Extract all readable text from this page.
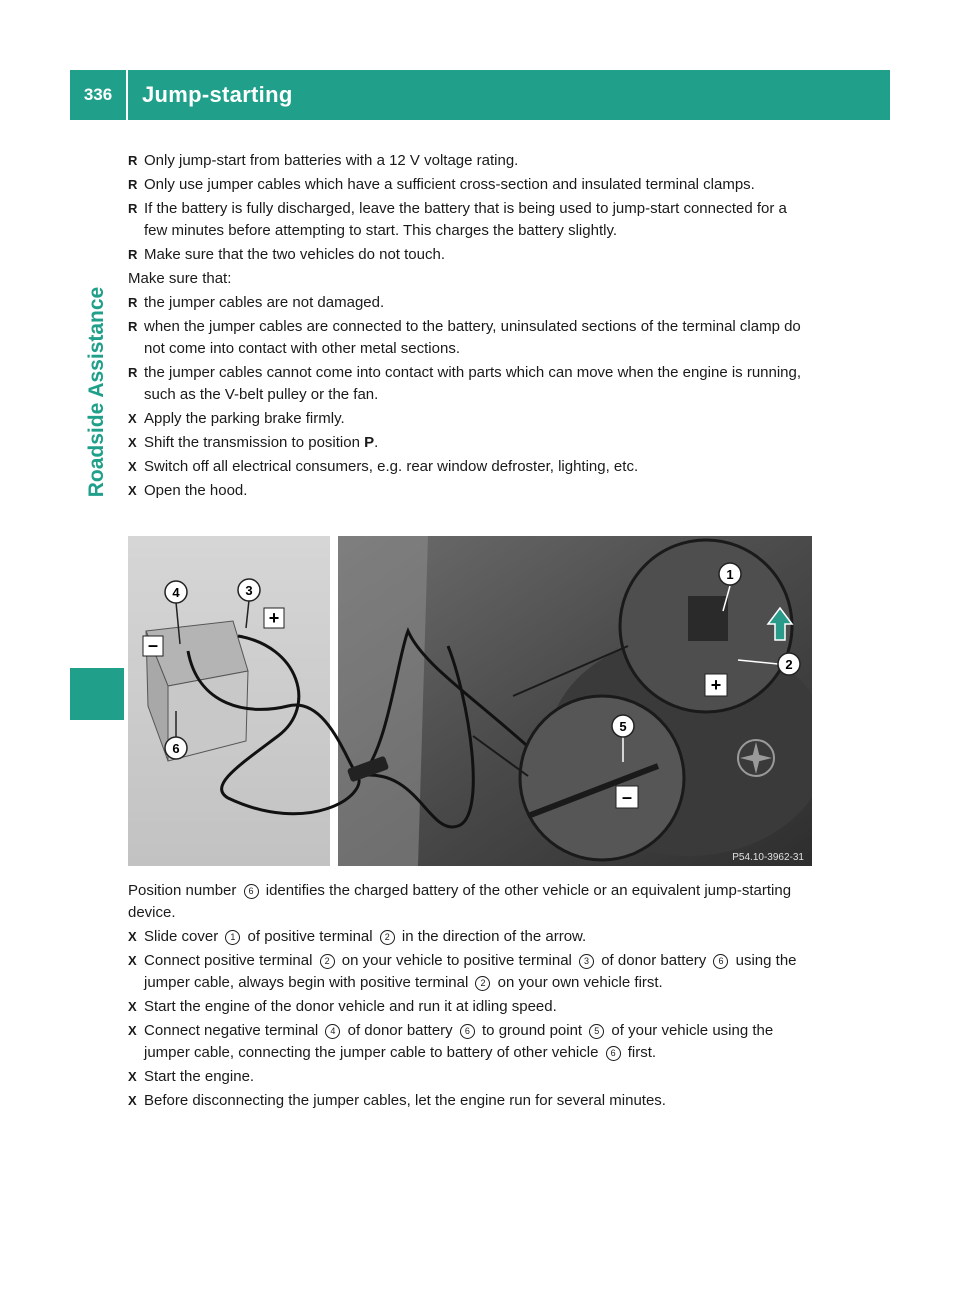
336	Jump-starting
Roadside Assistance
R Only jump-start from batteries with a 12 V voltage rating.
R Only use jumper cables which have a sufficient cross-section and insulated terminal clamps.
R If the battery is fully discharged, leave the battery that is being used to jump-start connected for a few minutes before attempting to start. This charges the battery slightly.
R Make sure that the two vehicles do not touch.
Make sure that:
R the jumper cables are not damaged.
R when the jumper cables are connected to the battery, uninsulated sections of the terminal clamp do not come into contact with other metal sections.
R the jumper cables cannot come into contact with parts which can move when the engine is running, such as the V-belt pulley or the fan.
X Apply the parking brake firmly.
X Shift the transmission to position P.
X Switch off all electrical consumers, e.g. rear window defroster, lighting, etc.
X Open the hood.
+
–
+
–
1
2
3
4
5
6
P54.10-3962-31
Position number 6 identifies the charged battery of the other vehicle or an equivalent jump-starting device.
X Slide cover 1 of positive terminal 2 in the direction of the arrow.
X Connect positive terminal 2 on your vehicle to positive terminal 3 of donor battery 6 using the jumper cable, always begin with positive terminal 2 on your own vehicle first.
X Start the engine of the donor vehicle and run it at idling speed.
X Connect negative terminal 4 of donor battery 6 to ground point 5 of your vehicle using the jumper cable, connecting the jumper cable to battery of other vehicle 6 first.
X Start the engine.
X Before disconnecting the jumper cables, let the engine run for several minutes.
